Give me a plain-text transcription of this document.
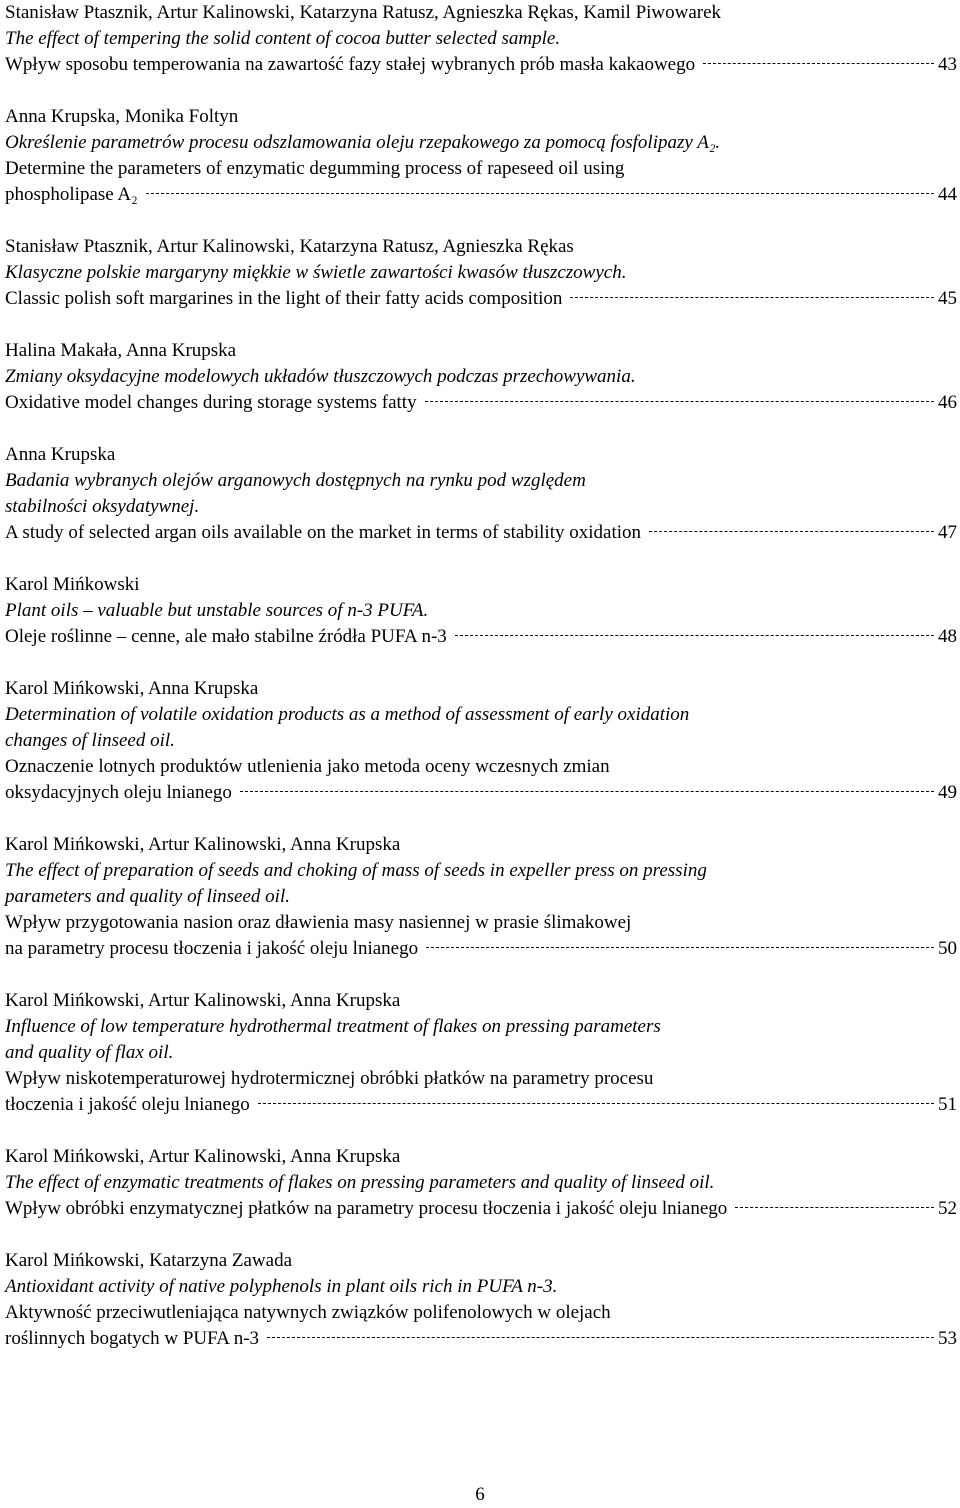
Stanisław Ptasznik, Artur Kalinowski, Katarzyna Ratusz, Agnieszka Rękas, Kamil Piwowarek
The effect of tempering the solid content of cocoa butter selected sample.
Wpływ sposobu temperowania na zawartość fazy stałej wybranych prób masła kakaowego	43
Anna Krupska, Monika Foltyn
Określenie parametrów procesu odszlamowania oleju rzepakowego za pomocą fosfolipazy A₂.
Determine the parameters of enzymatic degumming process of rapeseed oil using
phospholipase A₂	44
Stanisław Ptasznik, Artur Kalinowski, Katarzyna Ratusz, Agnieszka Rękas
Klasyczne polskie margaryny miękkie w świetle zawartości kwasów tłuszczowych.
Classic polish soft margarines in the light of their fatty acids composition	45
Halina Makała, Anna Krupska
Zmiany oksydacyjne modelowych układów tłuszczowych podczas przechowywania.
Oxidative model changes during storage systems fatty	46
Anna Krupska
Badania wybranych olejów arganowych dostępnych na rynku pod względem
stabilności oksydatywnej.
A study of selected argan oils available on the market in terms of stability oxidation	47
Karol Mińkowski
Plant oils – valuable but unstable sources of n-3 PUFA.
Oleje roślinne – cenne, ale mało stabilne źródła PUFA n-3	48
Karol Mińkowski, Anna Krupska
Determination of volatile oxidation products as a method of assessment of early oxidation
changes of linseed oil.
Oznaczenie lotnych produktów utlenienia jako metoda oceny wczesnych zmian
oksydacyjnych oleju lnianego	49
Karol Mińkowski, Artur Kalinowski, Anna Krupska
The effect of preparation of seeds and choking of mass of seeds in expeller press on pressing
parameters and quality of linseed oil.
Wpływ przygotowania nasion oraz dławienia masy nasiennej w prasie ślimakowej
na parametry procesu tłoczenia i jakość oleju lnianego	50
Karol Mińkowski, Artur Kalinowski, Anna Krupska
Influence of low temperature hydrothermal treatment of flakes on pressing parameters
and quality of flax oil.
Wpływ niskotemperaturowej hydrotermicznej obróbki płatków na parametry procesu
tłoczenia i jakość oleju lnianego	51
Karol Mińkowski, Artur Kalinowski, Anna Krupska
The effect of enzymatic treatments of flakes on pressing parameters and quality of linseed oil.
Wpływ obróbki enzymatycznej płatków na parametry procesu tłoczenia i jakość oleju lnianego	52
Karol Mińkowski, Katarzyna Zawada
Antioxidant activity of native polyphenols in plant oils rich in PUFA n-3.
Aktywność przeciwutleniająca natywnych związków polifenolowych w olejach
roślinnych bogatych w PUFA n-3	53
6
